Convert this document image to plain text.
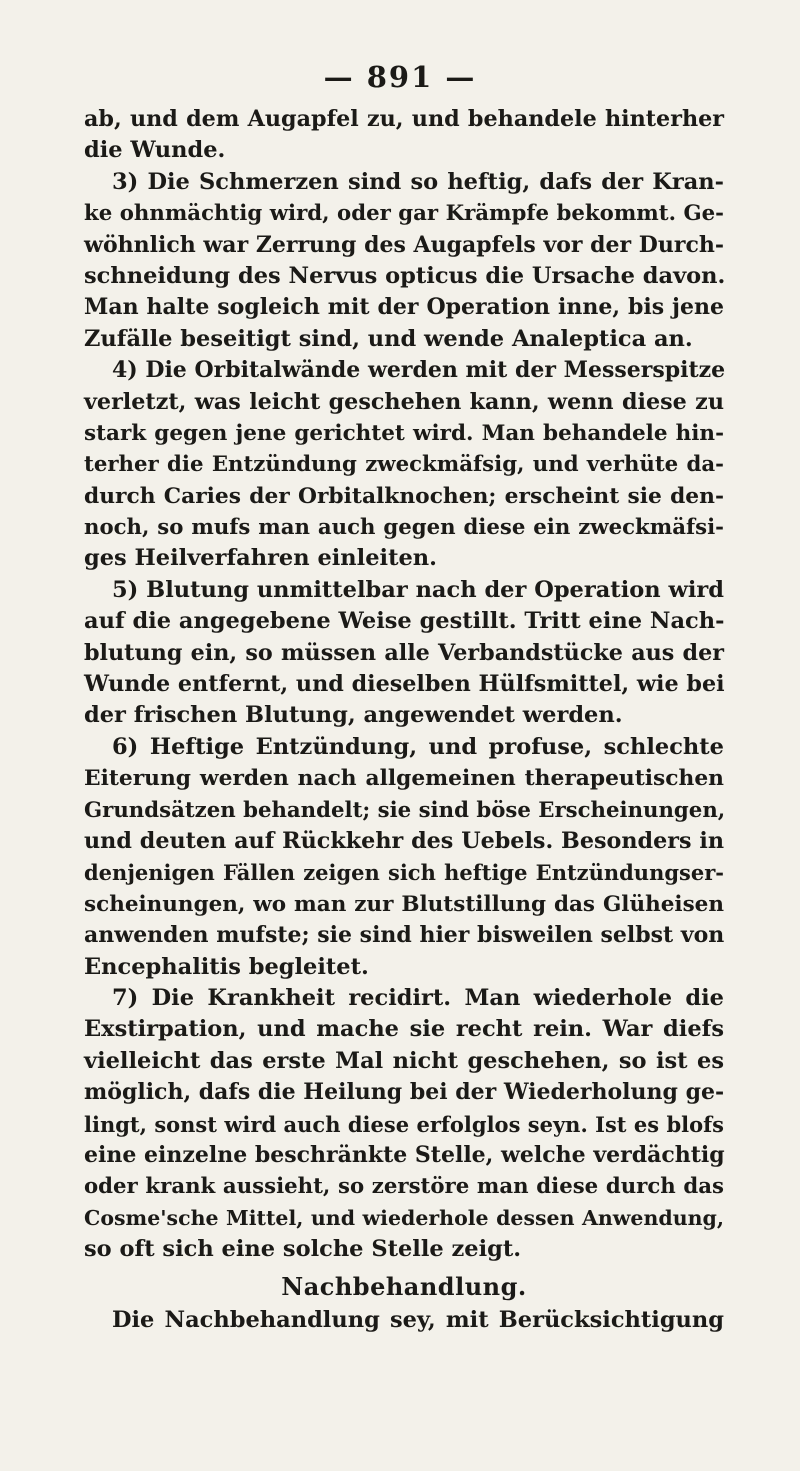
— 891 —
ab, und dem Augapfel zu, und behandele hinterher
die Wunde.
3) Die Schmerzen sind so heftig, dafs der Kran-
ke ohnmächtig wird, oder gar Krämpfe bekommt. Ge-
wöhnlich war Zerrung des Augapfels vor der Durch-
schneidung des Nervus opticus die Ursache davon.
Man halte sogleich mit der Operation inne, bis jene
Zufälle beseitigt sind, und wende Analeptica an.
4) Die Orbitalwände werden mit der Messerspitze
verletzt, was leicht geschehen kann, wenn diese zu
stark gegen jene gerichtet wird. Man behandele hin-
terher die Entzündung zweckmäfsig, und verhüte da-
durch Caries der Orbitalknochen; erscheint sie den-
noch, so mufs man auch gegen diese ein zweckmäfsi-
ges Heilverfahren einleiten.
5) Blutung unmittelbar nach der Operation wird
auf die angegebene Weise gestillt. Tritt eine Nach-
blutung ein, so müssen alle Verbandstücke aus der
Wunde entfernt, und dieselben Hülfsmittel, wie bei
der frischen Blutung, angewendet werden.
6) Heftige Entzündung, und profuse, schlechte
Eiterung werden nach allgemeinen therapeutischen
Grundsätzen behandelt; sie sind böse Erscheinungen,
und deuten auf Rückkehr des Uebels. Besonders in
denjenigen Fällen zeigen sich heftige Entzündungser-
scheinungen, wo man zur Blutstillung das Glüheisen
anwenden mufste; sie sind hier bisweilen selbst von
Encephalitis begleitet.
7) Die Krankheit recidirt. Man wiederhole die
Exstirpation, und mache sie recht rein. War diefs
vielleicht das erste Mal nicht geschehen, so ist es
möglich, dafs die Heilung bei der Wiederholung ge-
lingt, sonst wird auch diese erfolglos seyn. Ist es blofs
eine einzelne beschränkte Stelle, welche verdächtig
oder krank aussieht, so zerstöre man diese durch das
Cosme'sche Mittel, und wiederhole dessen Anwendung,
so oft sich eine solche Stelle zeigt.
Nachbehandlung.
Die Nachbehandlung sey, mit Berücksichtigung
